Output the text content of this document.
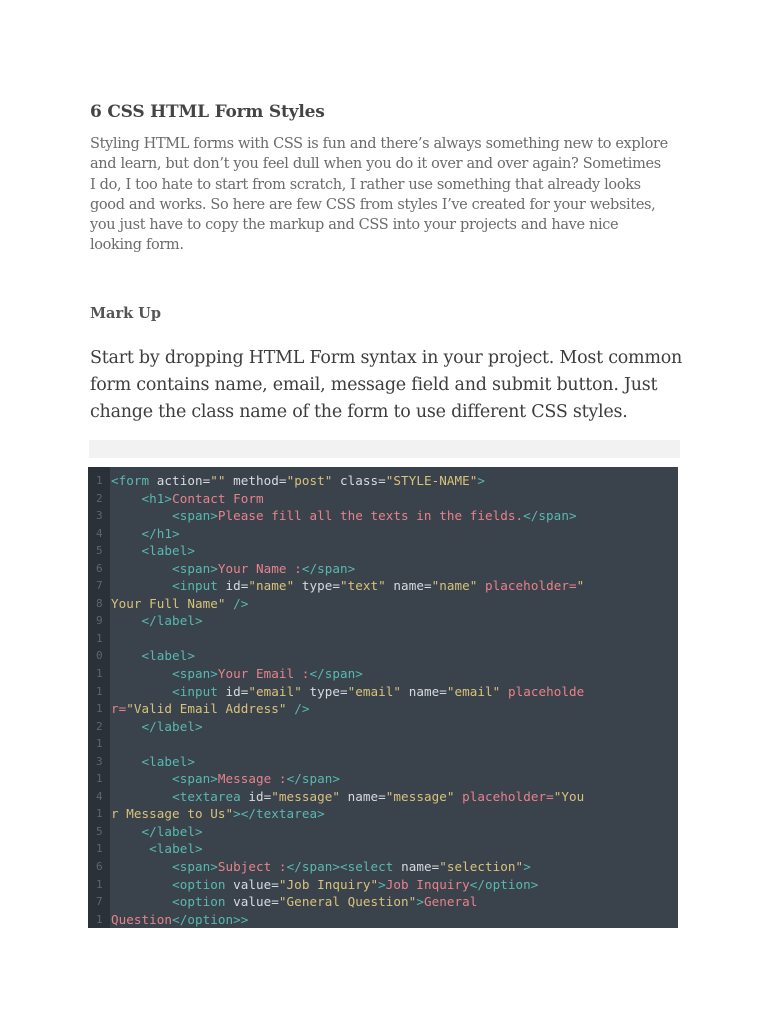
6 CSS HTML Form Styles

Styling HTML forms with CSS is fun and there’s always something new to explore
and learn, but don’t you feel dull when you do it over and over again? Sometimes
I do, I too hate to start from scratch, I rather use something that already looks
good and works. So here are few CSS from styles I’ve created for your websites,
you just have to copy the markup and CSS into your projects and have nice
looking form.

Mark Up

Start by dropping HTML Form syntax in your project. Most common
form contains name, email, message field and submit button. Just
change the class name of the form to use different CSS styles.

1 <form action="" method="post" class="STYLE-NAME">
2	<h1>Contact Form
3	<span>Please fill all the texts in the fields.</span>
4	</h1>
5	<label>
6	<span>Your Name :</span>
7	<input id="name" type="text" name="name" placeholder="
8 Your Full Name" />
9	</label>
1
0	<label>
1	<span>Your Email :</span>
1	<input id="email" type="email" name="email" placeholde
1 r="Valid Email Address" />
2	</label>
1
3	<label>
1	<span>Message :</span>
4	<textarea id="message" name="message" placeholder="You
1 r Message to Us"></textarea>
5	</label>
1	<label>
6	<span>Subject :</span><select name="selection">
1	<option value="Job Inquiry">Job Inquiry</option>
7	<option value="General Question">General
1 Question</option>>
